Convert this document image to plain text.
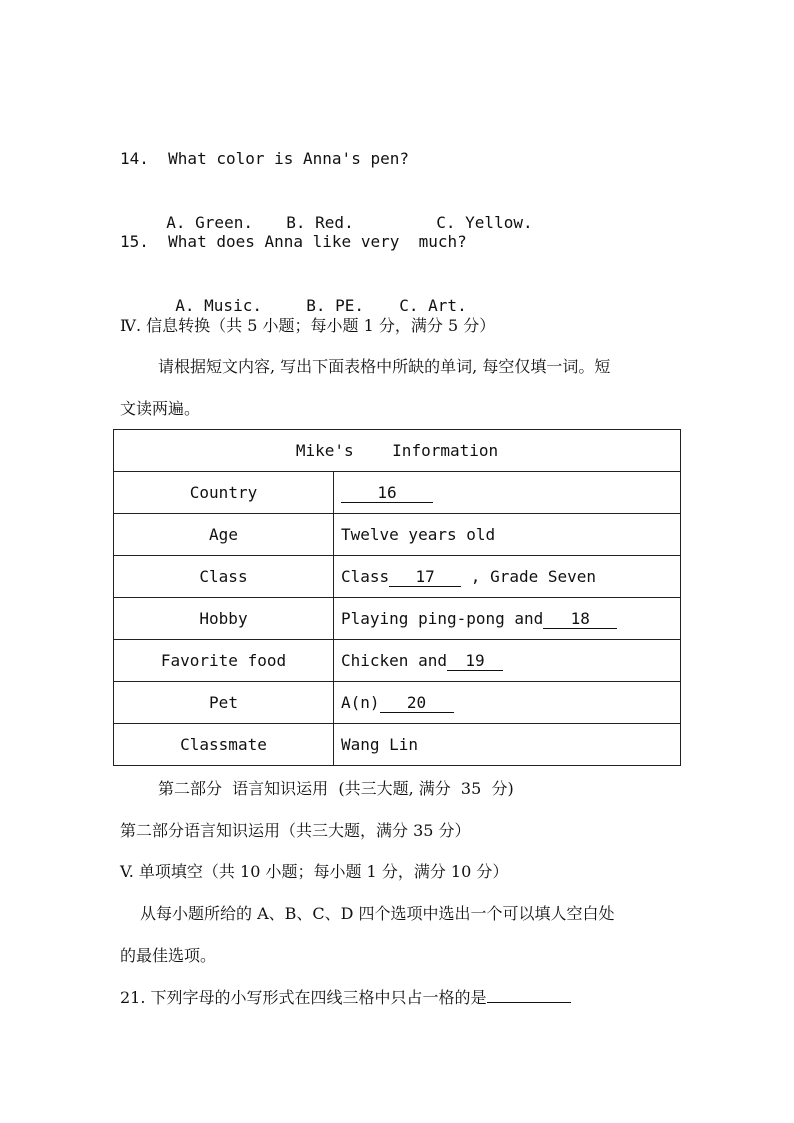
14.  What color is Anna's pen?

A. Green. B. Red.	C. Yellow.

15.  What does Anna like very  much?

A. Music.	B. PE. C. Art.

Ⅳ. 信息转换（共 5 小题；每小题 1 分，满分 5 分）
请根据短文内容, 写出下面表格中所缺的单词, 每空仅填一词。短
文读两遍。
Mike's    Information	
Country	16
Age	Twelve years old
Class	Class 17 , Grade Seven
Hobby	Playing ping-pong and 18
Favorite food	Chicken and 19
Pet	A(n) 20
Classmate	Wang Lin
第二部分  语言知识运用  (共三大题, 满分  35  分)
第二部分语言知识运用（共三大题，满分 35 分）
V. 单项填空（共 10 小题；每小题 1 分，满分 10 分）
从每小题所给的 A、B、C、D 四个选项中选出一个可以填人空白处
的最佳选项。
21. 下列字母的小写形式在四线三格中只占一格的是
